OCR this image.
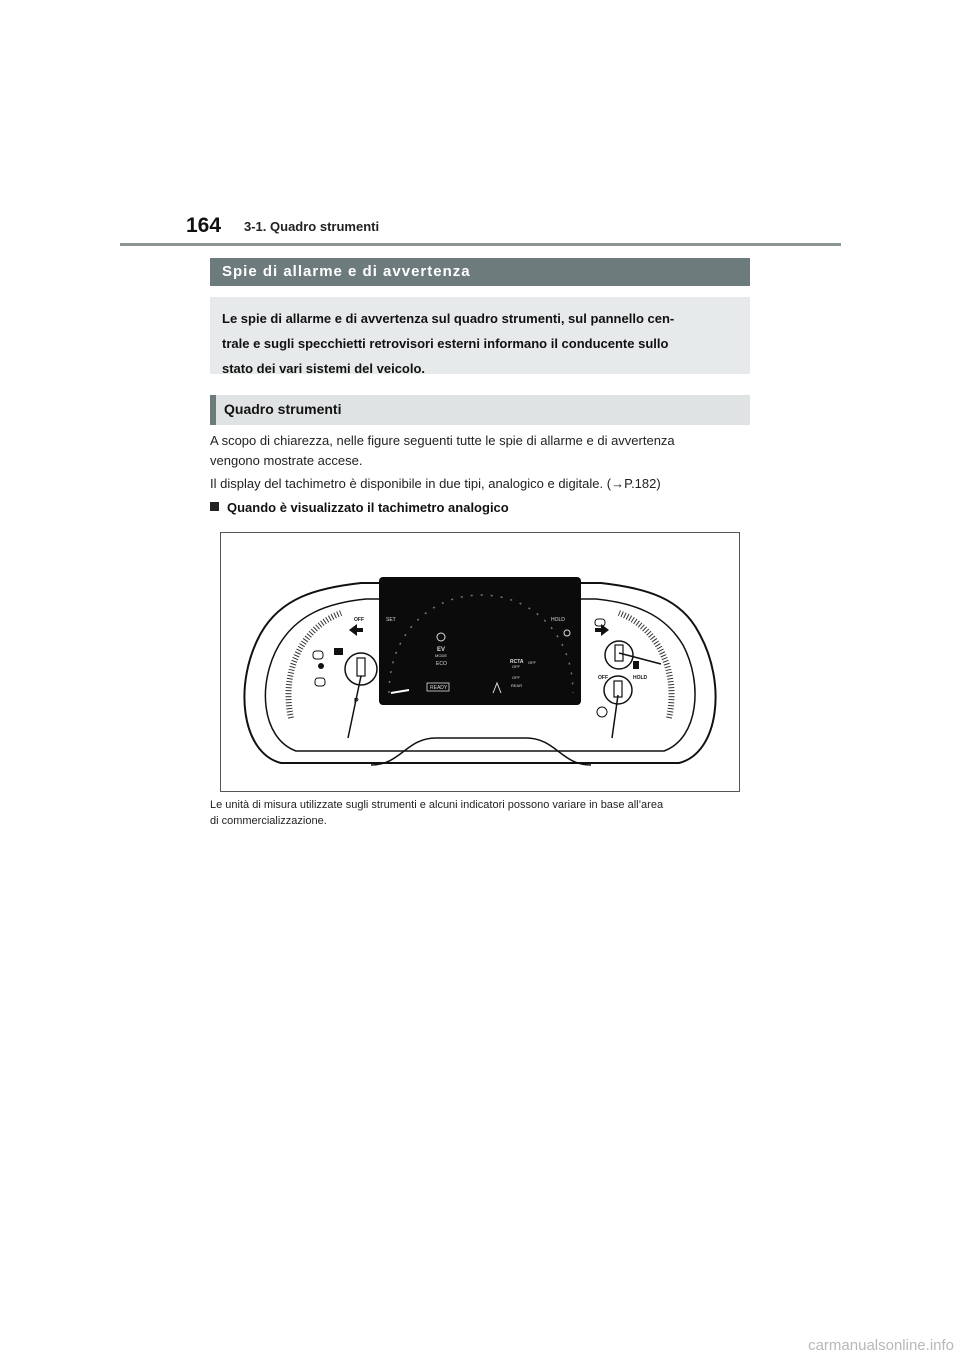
164 3-1. Quadro strumenti
Spie di allarme e di avvertenza
Le spie di allarme e di avvertenza sul quadro strumenti, sul pannello cen-
trale e sugli specchietti retrovisori esterni informano il conducente sullo
stato dei vari sistemi del veicolo.
Quadro strumenti
A scopo di chiarezza, nelle figure seguenti tutte le spie di allarme e di avvertenza
vengono mostrate accese.
Il display del tachimetro è disponibile in due tipi, analogico e digitale. (→P.182)
Quando è visualizzato il tachimetro analogico
SET	HOLD
EV
MODE
ECO	RCTA
OFF
OFF
OFF
REAR
READY
P
OFF
OFF	HOLD
Le unità di misura utilizzate sugli strumenti e alcuni indicatori possono variare in base all’area
di commercializzazione.
carmanualsonline.info
